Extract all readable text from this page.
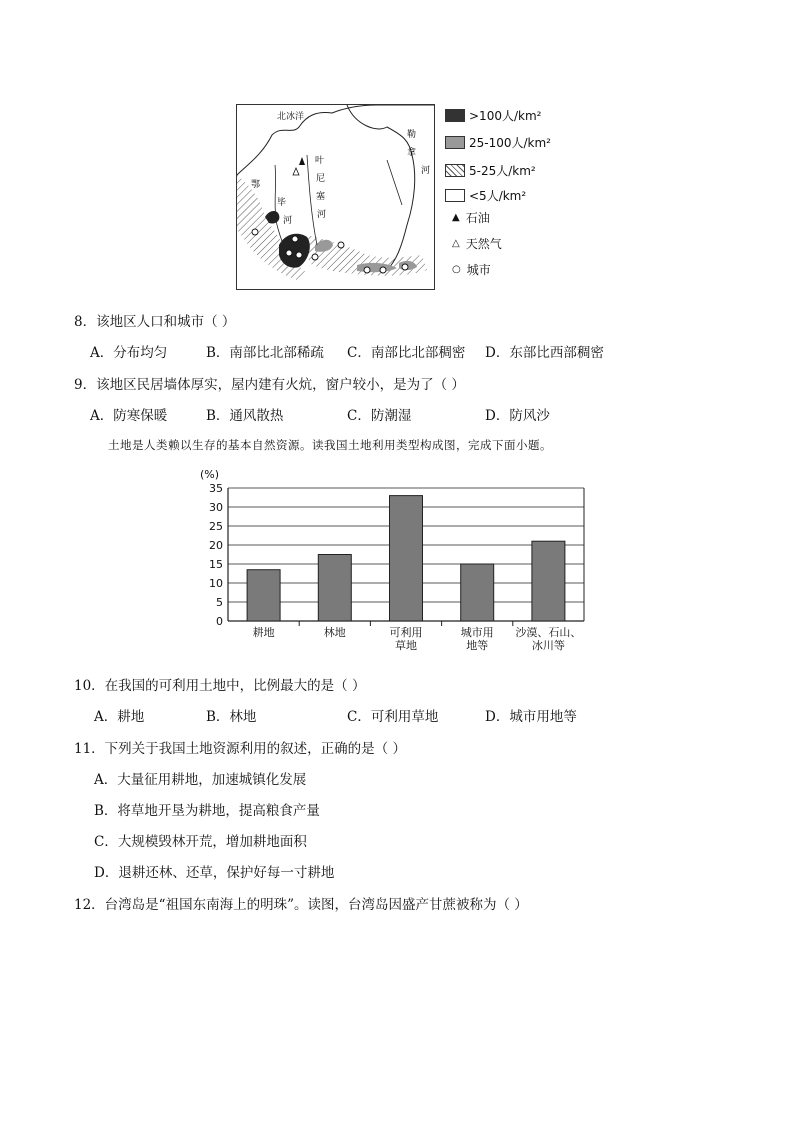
北冰洋
鄂
毕
河
叶
尼
塞
河
勒
拿
河
>100人/km²
25-100人/km²
5-25人/km²
<5人/km²
▲ 石油
△ 天然气
○ 城市
8．该地区人口和城市（ ）
A．分布均匀	B．南部比北部稀疏 C．南部比北部稠密 D．东部比西部稠密
9．该地区民居墙体厚实，屋内建有火炕，窗户较小，是为了（ ）
A．防寒保暖	B．通风散热	C．防潮湿	D．防风沙
土地是人类赖以生存的基本自然资源。读我国土地利用类型构成图，完成下面小题。
(%)
0
5
10
15
20
25
30
35
耕地	林地	可利用
草地
城市用
地等
沙漠、石山、
冰川等
10．在我国的可利用土地中，比例最大的是（ ）
A．耕地	B．林地	C．可利用草地	D．城市用地等
11．下列关于我国土地资源利用的叙述，正确的是（ ）
A．大量征用耕地，加速城镇化发展
B．将草地开垦为耕地，提高粮食产量
C．大规模毁林开荒，增加耕地面积
D．退耕还林、还草，保护好每一寸耕地
12．台湾岛是“祖国东南海上的明珠”。读图，台湾岛因盛产甘蔗被称为（ ）
